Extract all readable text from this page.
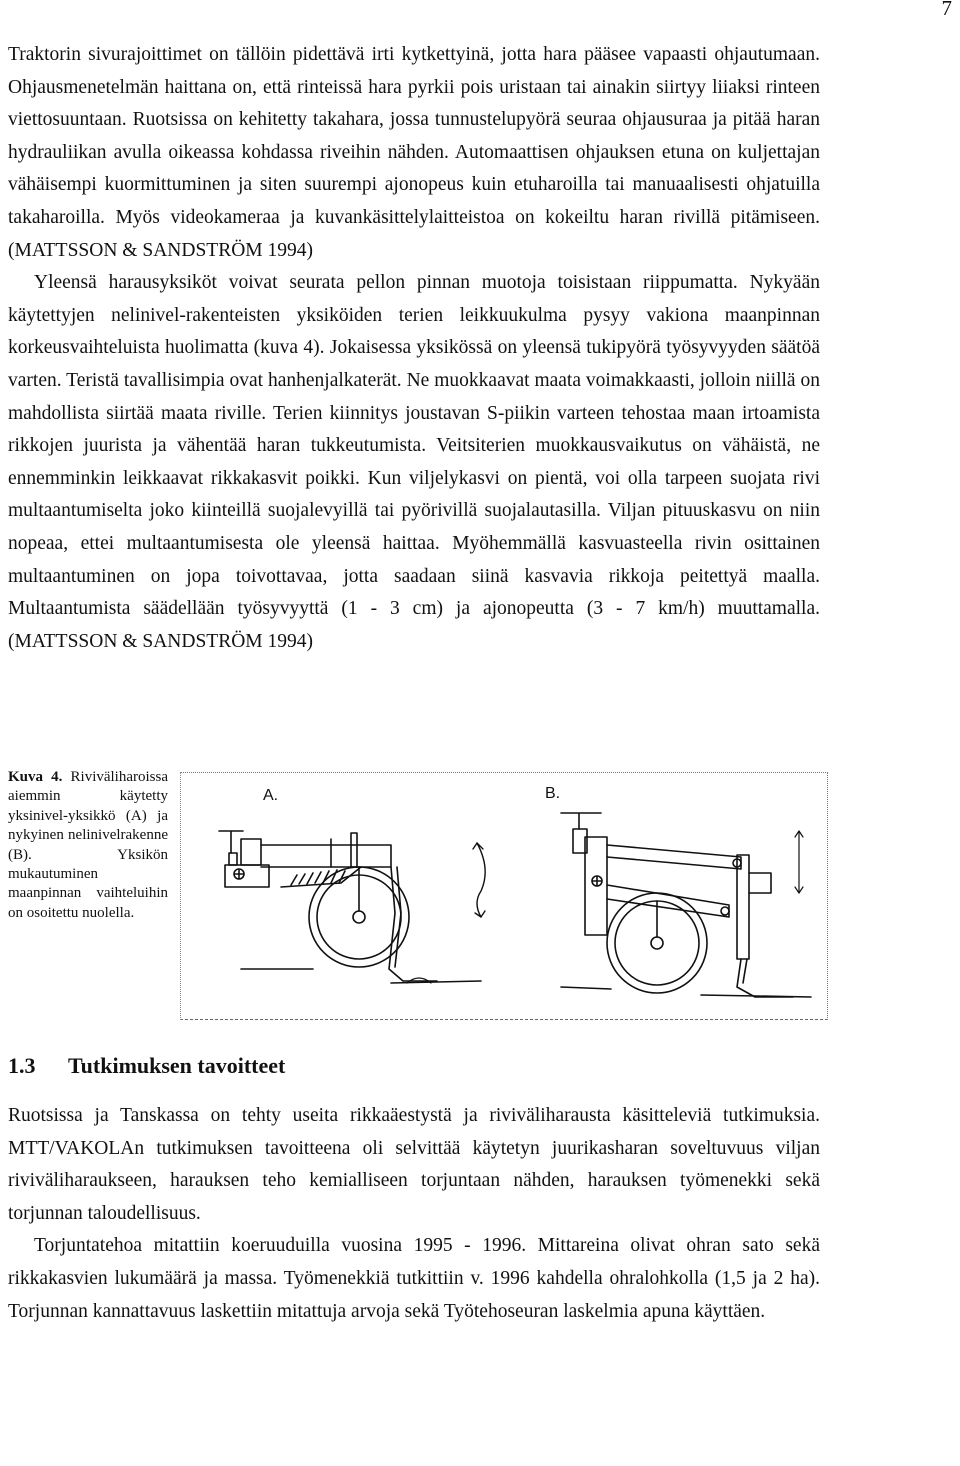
7
Traktorin sivurajoittimet on tällöin pidettävä irti kytkettyinä, jotta hara pääsee vapaasti ohjautumaan. Ohjausmenetelmän haittana on, että rinteissä hara pyrkii pois uristaan tai ainakin siirtyy liiaksi rinteen viettosuuntaan. Ruotsissa on kehitetty takahara, jossa tunnustelupyörä seuraa ohjausuraa ja pitää haran hydrauliikan avulla oikeassa kohdassa riveihin nähden. Automaattisen ohjauksen etuna on kuljettajan vähäisempi kuormittuminen ja siten suurempi ajonopeus kuin etuharoilla tai manuaalisesti ohjatuilla takaharoilla. Myös videokameraa ja kuvankäsittelylaitteistoa on kokeiltu haran rivillä pitämiseen. (MATTSSON & SANDSTRÖM 1994)
Yleensä harausyksiköt voivat seurata pellon pinnan muotoja toisistaan riippumatta. Nykyään käytettyjen nelinivel-rakenteisten yksiköiden terien leikkuukulma pysyy vakiona maanpinnan korkeusvaihteluista huolimatta (kuva 4). Jokaisessa yksikössä on yleensä tukipyörä työsyvyyden säätöä varten. Teristä tavallisimpia ovat hanhenjalkaterät. Ne muokkaavat maata voimakkaasti, jolloin niillä on mahdollista siirtää maata riville. Terien kiinnitys joustavan S-piikin varteen tehostaa maan irtoamista rikkojen juurista ja vähentää haran tukkeutumista. Veitsiterien muokkausvaikutus on vähäistä, ne ennemminkin leikkaavat rikkakasvit poikki. Kun viljelykasvi on pientä, voi olla tarpeen suojata rivi multaantumiselta joko kiinteillä suojalevyillä tai pyörivillä suojalautasilla. Viljan pituuskasvu on niin nopeaa, ettei multaantumisesta ole yleensä haittaa. Myöhemmällä kasvuasteella rivin osittainen multaantuminen on jopa toivottavaa, jotta saadaan siinä kasvavia rikkoja peitettyä maalla. Multaantumista säädellään työsyvyyttä (1 - 3 cm) ja ajonopeutta (3 - 7 km/h) muuttamalla. (MATTSSON & SANDSTRÖM 1994)
Kuva 4. Riviväliharoissa aiemmin käytetty yksinivel-yksikkö (A) ja nykyinen nelinivelrakenne (B). Yksikön mukautuminen maanpinnan vaihteluihin on osoitettu nuolella.
A.	B.
1.3 Tutkimuksen tavoitteet
Ruotsissa ja Tanskassa on tehty useita rikkaäestystä ja riviväliharausta käsitteleviä tutkimuksia. MTT/VAKOLAn tutkimuksen tavoitteena oli selvittää käytetyn juurikasharan soveltuvuus viljan riviväliharaukseen, harauksen teho kemialliseen torjuntaan nähden, harauksen työmenekki sekä torjunnan taloudellisuus.
Torjuntatehoa mitattiin koeruuduilla vuosina 1995 - 1996. Mittareina olivat ohran sato sekä rikkakasvien lukumäärä ja massa. Työmenekkiä tutkittiin v. 1996 kahdella ohralohkolla (1,5 ja 2 ha). Torjunnan kannattavuus laskettiin mitattuja arvoja sekä Työtehoseuran laskelmia apuna käyttäen.
